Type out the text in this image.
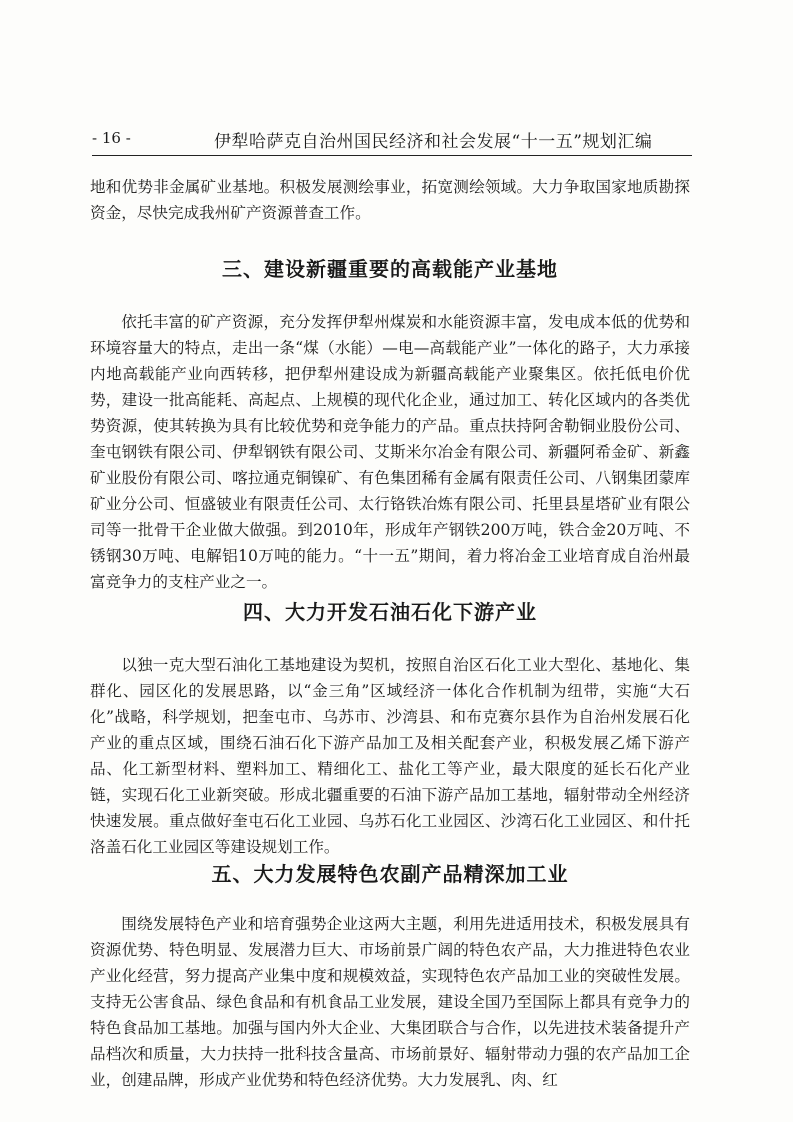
- 16 -	伊犁哈萨克自治州国民经济和社会发展“十一五”规划汇编

地和优势非金属矿业基地。积极发展测绘事业，拓宽测绘领域。大力争取国家地质勘探资金，尽快完成我州矿产资源普查工作。

三、建设新疆重要的高载能产业基地

依托丰富的矿产资源，充分发挥伊犁州煤炭和水能资源丰富，发电成本低的优势和环境容量大的特点，走出一条“煤（水能）—电—高载能产业”一体化的路子，大力承接内地高载能产业向西转移，把伊犁州建设成为新疆高载能产业聚集区。依托低电价优势，建设一批高能耗、高起点、上规模的现代化企业，通过加工、转化区域内的各类优势资源，使其转换为具有比较优势和竞争能力的产品。重点扶持阿舍勒铜业股份公司、奎屯钢铁有限公司、伊犁钢铁有限公司、艾斯米尔冶金有限公司、新疆阿希金矿、新鑫矿业股份有限公司、喀拉通克铜镍矿、有色集团稀有金属有限责任公司、八钢集团蒙库矿业分公司、恒盛铍业有限责任公司、太行铬铁冶炼有限公司、托里县星塔矿业有限公司等一批骨干企业做大做强。到2010年，形成年产钢铁200万吨，铁合金20万吨、不锈钢30万吨、电解铝10万吨的能力。“十一五”期间，着力将冶金工业培育成自治州最富竞争力的支柱产业之一。

四、大力开发石油石化下游产业

以独一克大型石油化工基地建设为契机，按照自治区石化工业大型化、基地化、集群化、园区化的发展思路，以“金三角”区域经济一体化合作机制为纽带，实施“大石化”战略，科学规划，把奎屯市、乌苏市、沙湾县、和布克赛尔县作为自治州发展石化产业的重点区域，围绕石油石化下游产品加工及相关配套产业，积极发展乙烯下游产品、化工新型材料、塑料加工、精细化工、盐化工等产业，最大限度的延长石化产业链，实现石化工业新突破。形成北疆重要的石油下游产品加工基地，辐射带动全州经济快速发展。重点做好奎屯石化工业园、乌苏石化工业园区、沙湾石化工业园区、和什托洛盖石化工业园区等建设规划工作。

五、大力发展特色农副产品精深加工业

围绕发展特色产业和培育强势企业这两大主题，利用先进适用技术，积极发展具有资源优势、特色明显、发展潜力巨大、市场前景广阔的特色农产品，大力推进特色农业产业化经营，努力提高产业集中度和规模效益，实现特色农产品加工业的突破性发展。支持无公害食品、绿色食品和有机食品工业发展，建设全国乃至国际上都具有竞争力的特色食品加工基地。加强与国内外大企业、大集团联合与合作，以先进技术装备提升产品档次和质量，大力扶持一批科技含量高、市场前景好、辐射带动力强的农产品加工企业，创建品牌，形成产业优势和特色经济优势。大力发展乳、肉、红
